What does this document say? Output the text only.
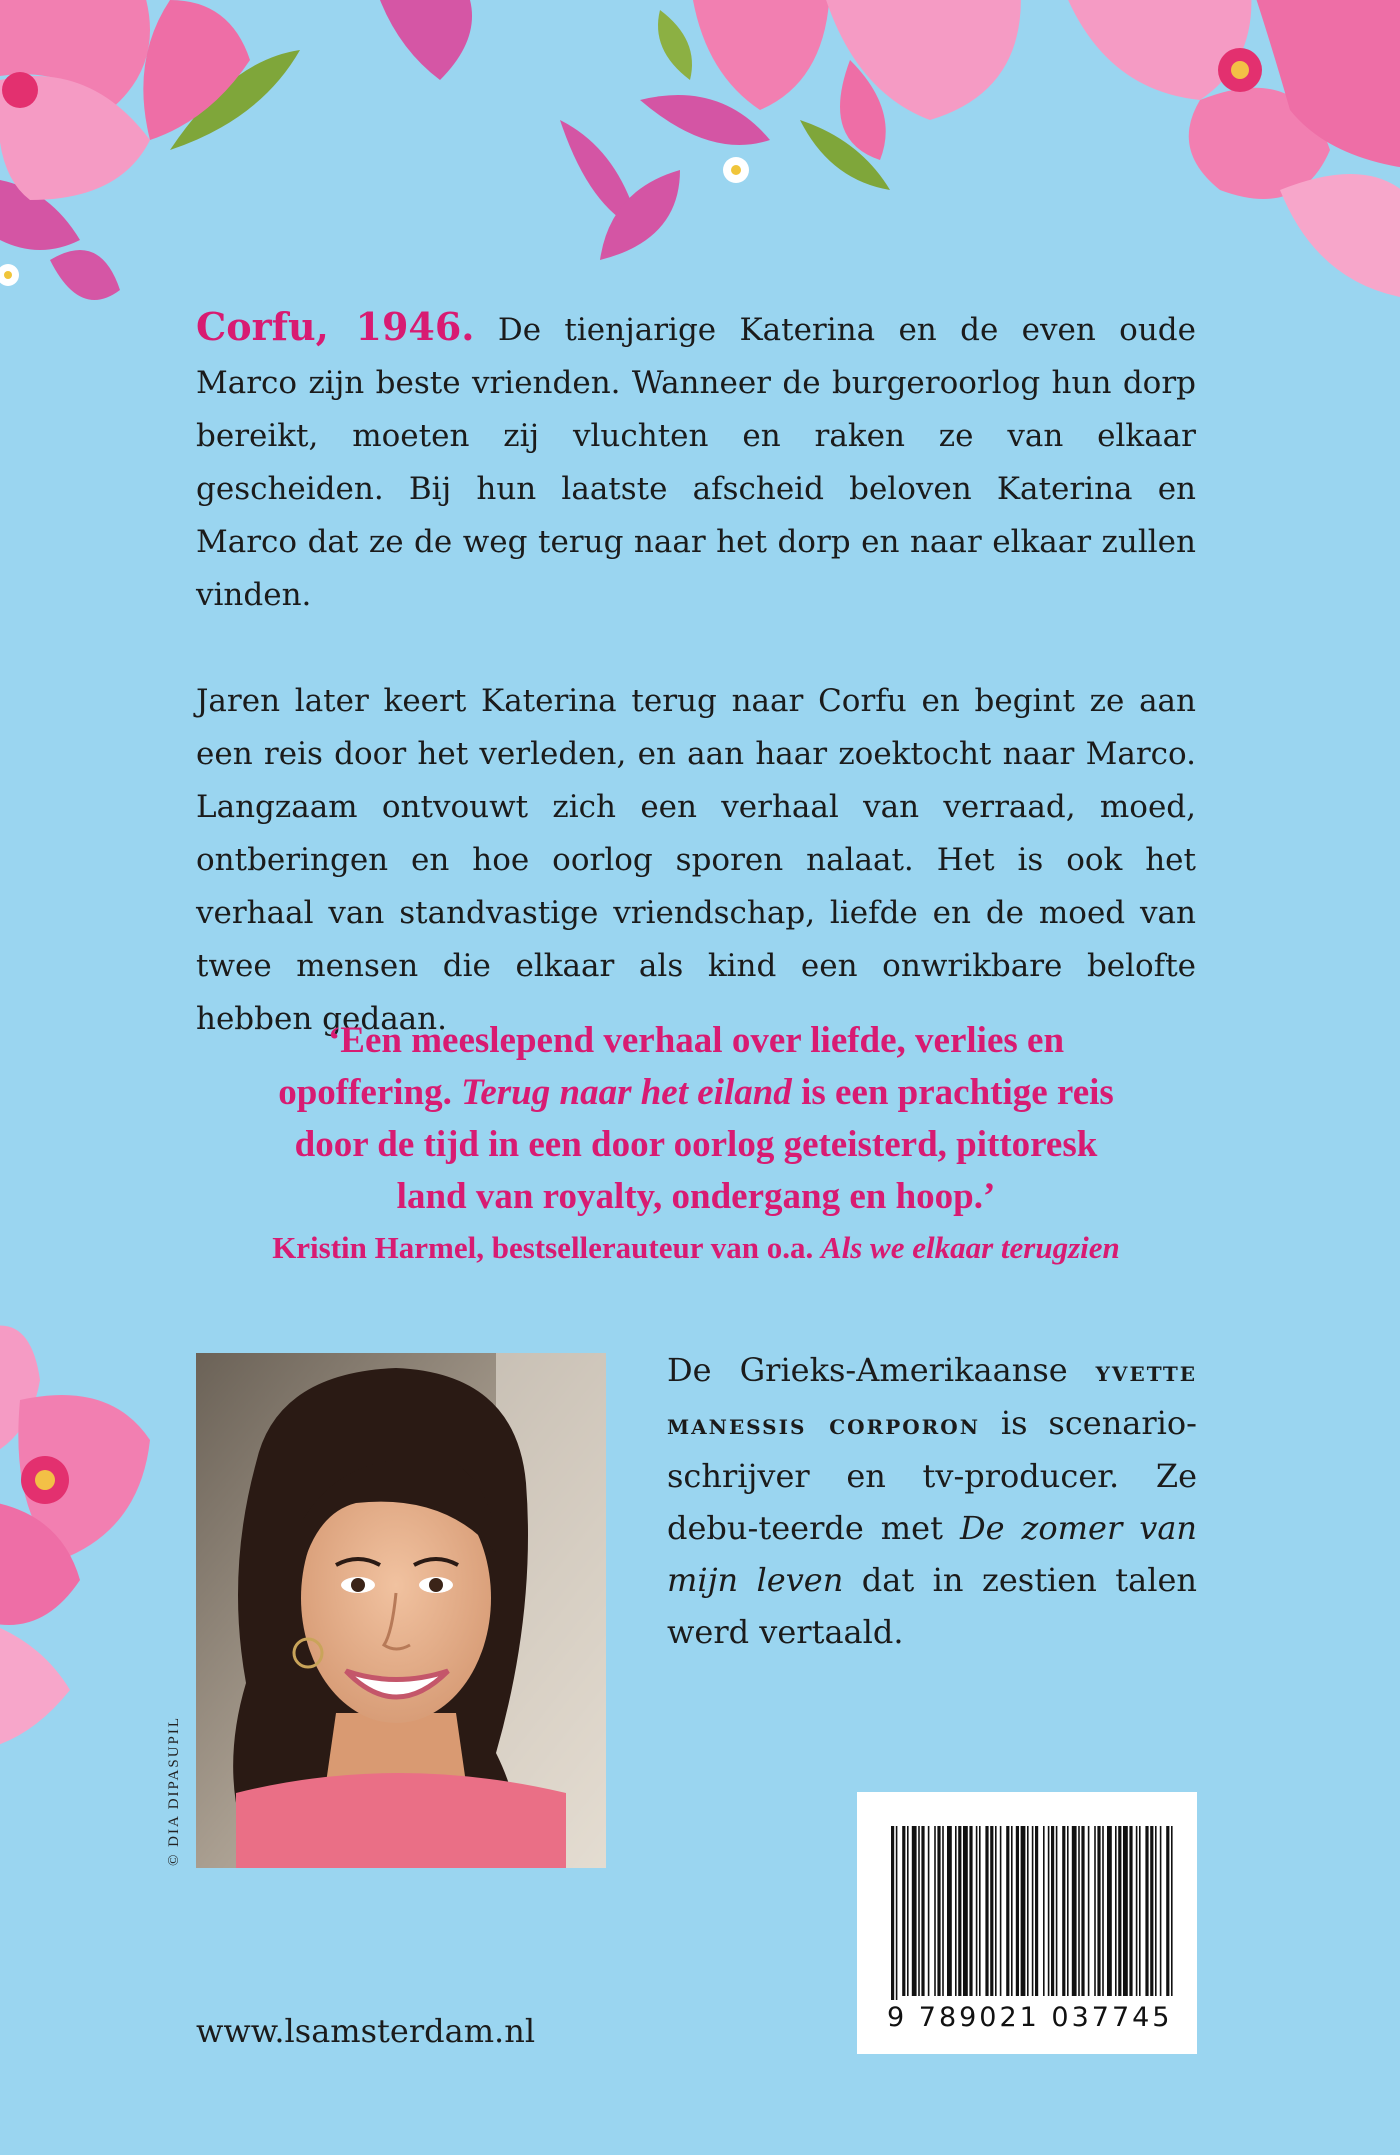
Corfu, 1946. De tienjarige Katerina en de even oude Marco zijn beste vrienden. Wanneer de burgeroorlog hun dorp bereikt, moeten zij vluchten en raken ze van elkaar gescheiden. Bij hun laatste afscheid beloven Katerina en Marco dat ze de weg terug naar het dorp en naar elkaar zullen vinden.

Jaren later keert Katerina terug naar Corfu en begint ze aan een reis door het verleden, en aan haar zoektocht naar Marco. Langzaam ontvouwt zich een verhaal van verraad, moed, ontberingen en hoe oorlog sporen nalaat. Het is ook het verhaal van standvastige vriendschap, liefde en de moed van twee mensen die elkaar als kind een onwrikbare belofte hebben gedaan.

‘Een meeslepend verhaal over liefde, verlies en
opoffering. Terug naar het eiland is een prachtige reis
door de tijd in een door oorlog geteisterd, pittoresk
land van royalty, ondergang en hoop.’
Kristin Harmel, bestsellerauteur van o.a. Als we elkaar terugzien
© DIA DIPASUPIL
De Grieks-Amerikaanse yvette manessis corporon is scenario-schrijver en tv-producer. Ze debu-teerde met De zomer van mijn leven dat in zestien talen werd vertaald.
9 789021 037745
www.lsamsterdam.nl
